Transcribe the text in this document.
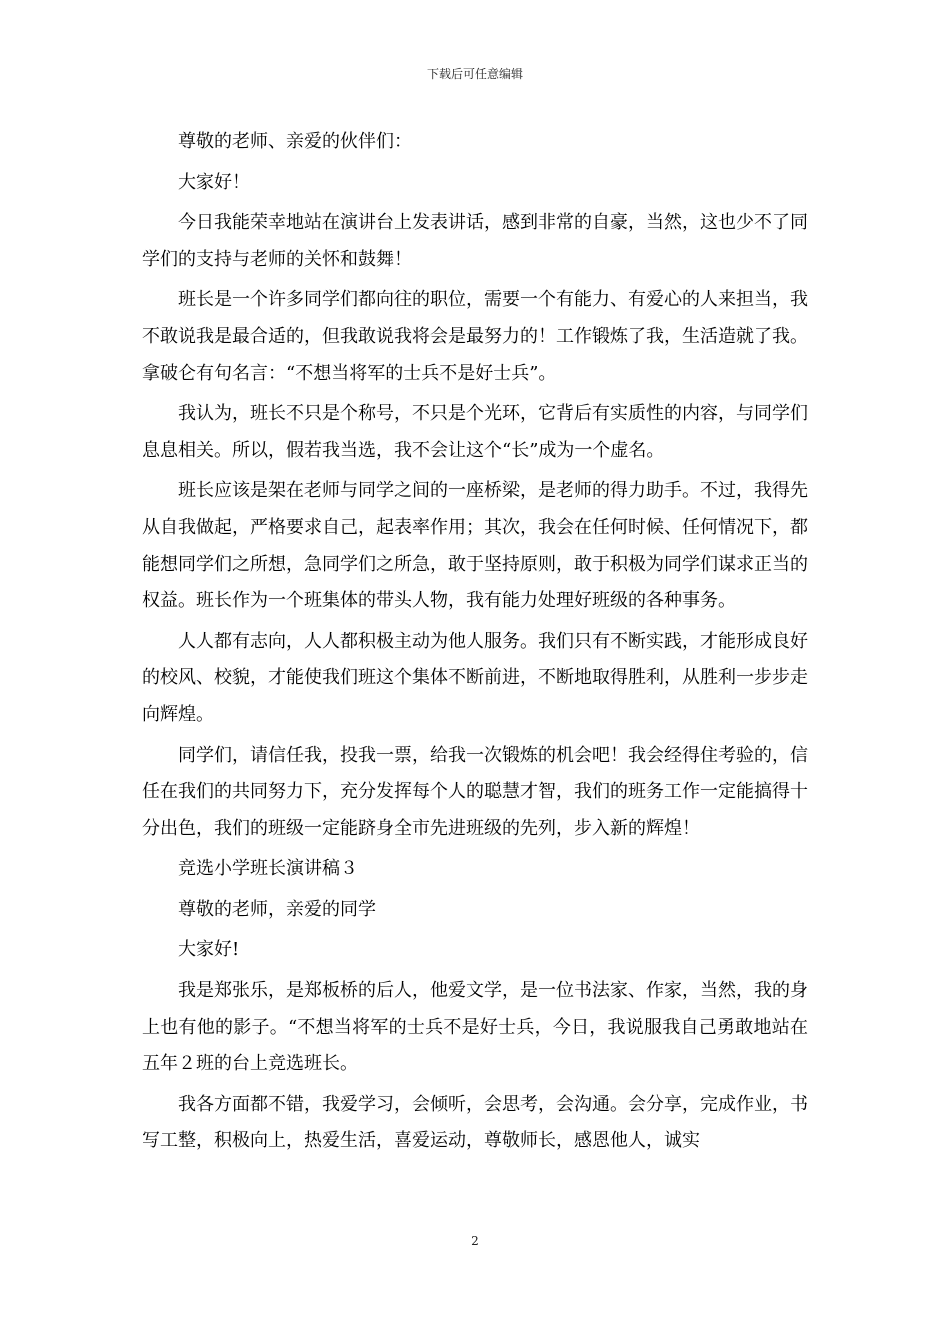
下载后可任意编辑

尊敬的老师、亲爱的伙伴们：

大家好！

今日我能荣幸地站在演讲台上发表讲话，感到非常的自豪，当然，这也少不了同学们的支持与老师的关怀和鼓舞！

班长是一个许多同学们都向往的职位，需要一个有能力、有爱心的人来担当，我不敢说我是最合适的，但我敢说我将会是最努力的！工作锻炼了我，生活造就了我。拿破仑有句名言：“不想当将军的士兵不是好士兵”。

我认为，班长不只是个称号，不只是个光环，它背后有实质性的内容，与同学们息息相关。所以，假若我当选，我不会让这个“长”成为一个虚名。

班长应该是架在老师与同学之间的一座桥梁，是老师的得力助手。不过，我得先从自我做起，严格要求自己，起表率作用；其次，我会在任何时候、任何情况下，都能想同学们之所想，急同学们之所急，敢于坚持原则，敢于积极为同学们谋求正当的权益。班长作为一个班集体的带头人物，我有能力处理好班级的各种事务。

人人都有志向，人人都积极主动为他人服务。我们只有不断实践，才能形成良好的校风、校貌，才能使我们班这个集体不断前进，不断地取得胜利，从胜利一步步走向辉煌。

同学们，请信任我，投我一票，给我一次锻炼的机会吧！我会经得住考验的，信任在我们的共同努力下，充分发挥每个人的聪慧才智，我们的班务工作一定能搞得十分出色，我们的班级一定能跻身全市先进班级的先列，步入新的辉煌！

竞选小学班长演讲稿３

尊敬的老师，亲爱的同学

大家好!

我是郑张乐，是郑板桥的后人，他爱文学，是一位书法家、作家，当然，我的身上也有他的影子。“不想当将军的士兵不是好士兵，今日，我说服我自己勇敢地站在五年２班的台上竞选班长。

我各方面都不错，我爱学习，会倾听，会思考，会沟通。会分享，完成作业，书写工整，积极向上，热爱生活，喜爱运动，尊敬师长，感恩他人，诚实

2
